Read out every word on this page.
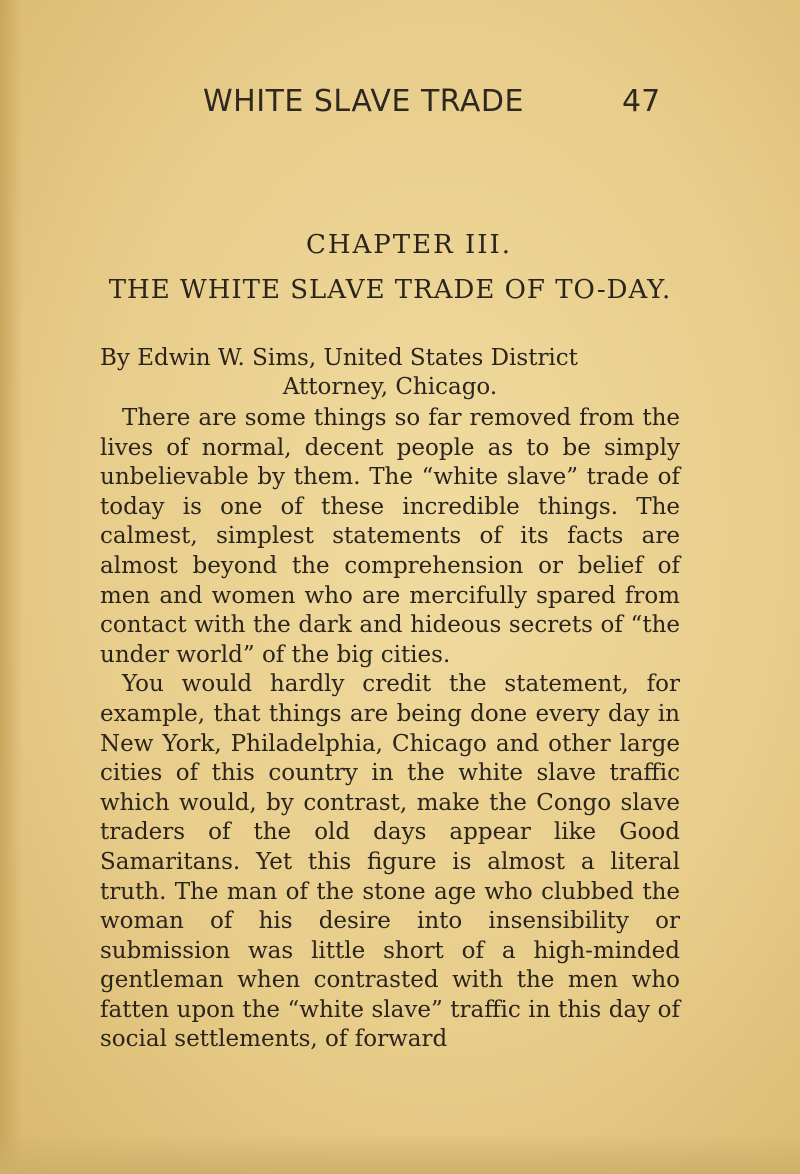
WHITE SLAVE TRADE	47
CHAPTER III.
THE WHITE SLAVE TRADE OF TO-DAY.
By Edwin W. Sims, United States District
Attorney, Chicago.

There are some things so far removed from the lives of normal, decent people as to be simply unbelievable by them. The “white slave” trade of today is one of these incredible things. The calmest, simplest statements of its facts are almost beyond the comprehension or belief of men and women who are mercifully spared from contact with the dark and hideous secrets of “the under world” of the big cities.

You would hardly credit the statement, for example, that things are being done every day in New York, Philadelphia, Chicago and other large cities of this country in the white slave traffic which would, by contrast, make the Congo slave traders of the old days appear like Good Samaritans. Yet this figure is almost a literal truth. The man of the stone age who clubbed the woman of his desire into insensibility or submission was little short of a high-minded gentleman when contrasted with the men who fatten upon the “white slave” traffic in this day of social settlements, of forward
